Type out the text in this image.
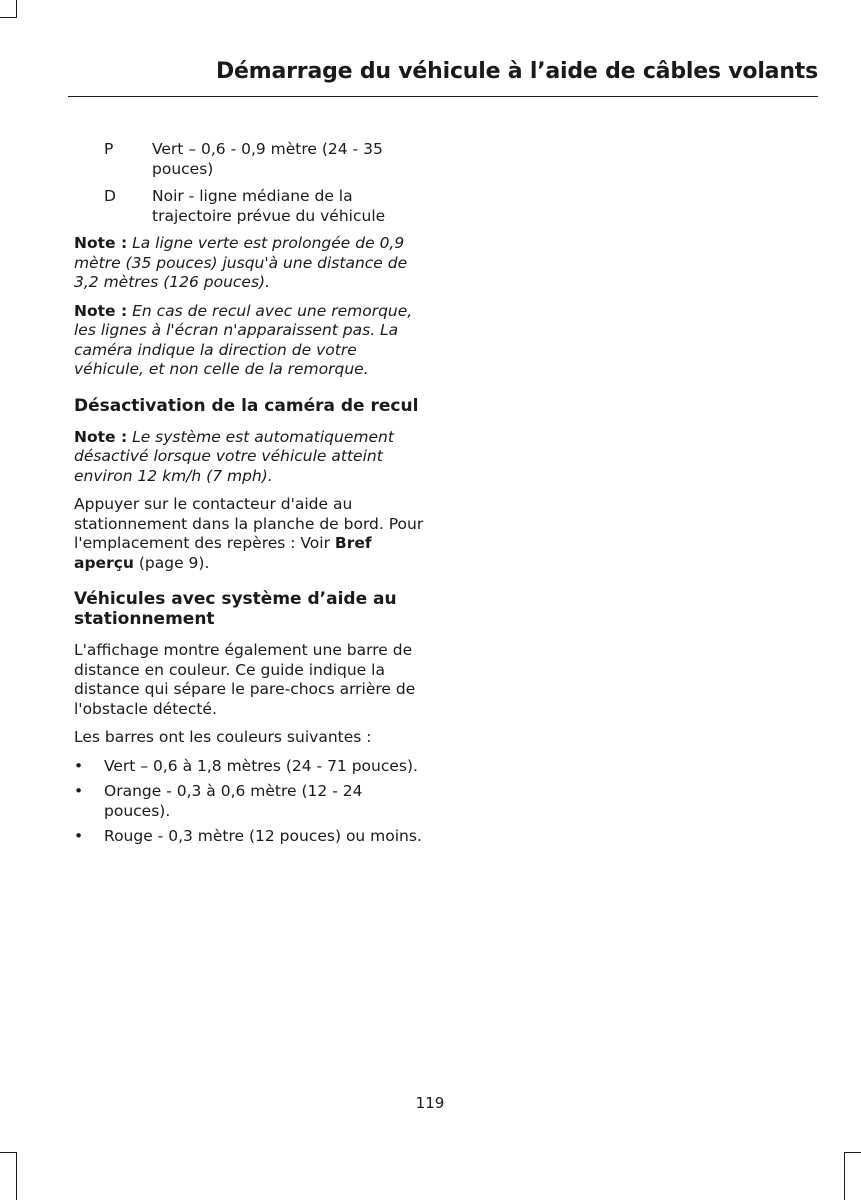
Démarrage du véhicule à l’aide de câbles volants
P	Vert – 0,6 - 0,9 mètre (24 - 35 pouces)
D	Noir - ligne médiane de la trajectoire prévue du véhicule

Note : La ligne verte est prolongée de 0,9 mètre (35 pouces) jusqu'à une distance de 3,2 mètres (126 pouces).

Note : En cas de recul avec une remorque, les lignes à l'écran n'apparaissent pas. La caméra indique la direction de votre véhicule, et non celle de la remorque.

Désactivation de la caméra de recul

Note : Le système est automatiquement désactivé lorsque votre véhicule atteint environ 12 km/h (7 mph).

Appuyer sur le contacteur d'aide au stationnement dans la planche de bord. Pour l'emplacement des repères : Voir Bref aperçu (page 9).

Véhicules avec système d’aide au stationnement

L'affichage montre également une barre de distance en couleur. Ce guide indique la distance qui sépare le pare-chocs arrière de l'obstacle détecté.

Les barres ont les couleurs suivantes :

•	Vert – 0,6 à 1,8 mètres (24 - 71 pouces).
•	Orange - 0,3 à 0,6 mètre (12 - 24 pouces).
•	Rouge - 0,3 mètre (12 pouces) ou moins.
119
